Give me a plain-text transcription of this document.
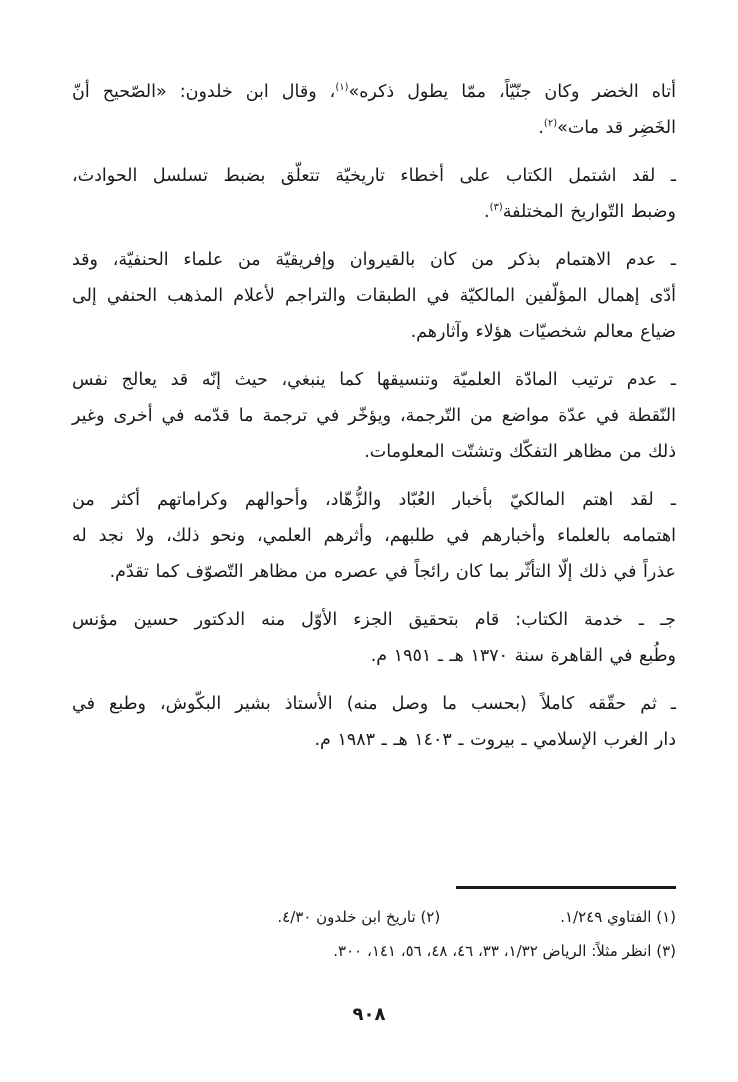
أتاه الخضر وكان جنّيّاً، ممّا يطول ذكره»$^{(١)}$، وقال ابن خلدون: «الصّحيح أنّ
الخَضِر قد مات»$^{(٢)}$.

ـ لقد اشتمل الكتاب على أخطاء تاريخيّة تتعلّق بضبط تسلسل الحوادث،
وضبط التّواريخ المختلفة$^{(٣)}$.

ـ عدم الاهتمام بذكر من كان بالقيروان وإفريقيّة من علماء الحنفيّة، وقد
أدّى إهمال المؤلّفين المالكيّة في الطبقات والتراجم لأعلام المذهب الحنفي إلى
ضياع معالم شخصيّات هؤلاء وآثارهم.

ـ عدم ترتيب المادّة العلميّة وتنسيقها كما ينبغي، حيث إنّه قد يعالج نفس
النّقطة في عدّة مواضع من التّرجمة، ويؤخّر في ترجمة ما قدّمه في أخرى وغير
ذلك من مظاهر التفكّك وتشتّت المعلومات.

ـ لقد اهتم المالكيّ بأخبار العُبّاد والزُّهّاد، وأحوالهم وكراماتهم أكثر من
اهتمامه بالعلماء وأخبارهم في طلبهم، وأثرهم العلمي، ونحو ذلك، ولا نجد له
عذراً في ذلك إلّا التأثّر بما كان رائجاً في عصره من مظاهر التّصوّف كما تقدّم.

جـ ـ خدمة الكتاب: قام بتحقيق الجزء الأوّل منه الدكتور حسين مؤنس
وطُبع في القاهرة سنة ١٣٧٠ هـ ـ ١٩٥١ م.

ـ ثم حقّقه كاملاً (بحسب ما وصل منه) الأستاذ بشير البكّوش، وطبع في
دار الغرب الإسلامي ـ بيروت ـ ١٤٠٣ هـ ـ ١٩٨٣ م.

(١) الفتاوي ١/٢٤٩.(٢) تاريخ ابن خلدون ٤/٣٠.
(٣) انظر مثلاً: الرياض ١/٣٢، ٣٣، ٤٦، ٤٨، ٥٦، ١٤١، ٣٠٠.
٩٠٨
